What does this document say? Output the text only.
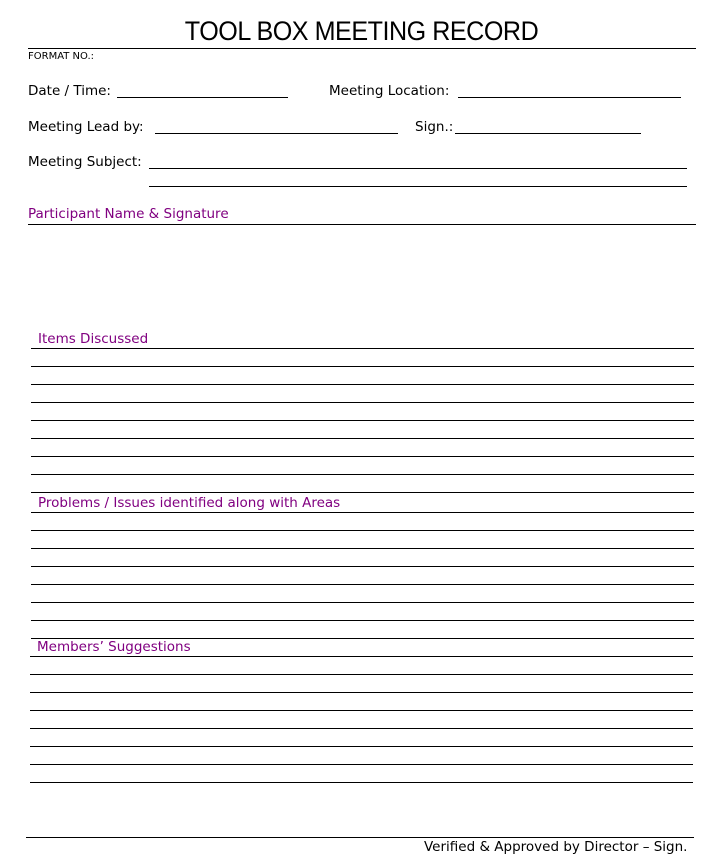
TOOL BOX MEETING RECORD
FORMAT NO.:
Date / Time:	Meeting Location:
Meeting Lead by:	Sign.:
Meeting Subject:
Participant Name & Signature
Items Discussed
Problems / Issues identified along with Areas
Members’ Suggestions
Verified & Approved by Director – Sign.
